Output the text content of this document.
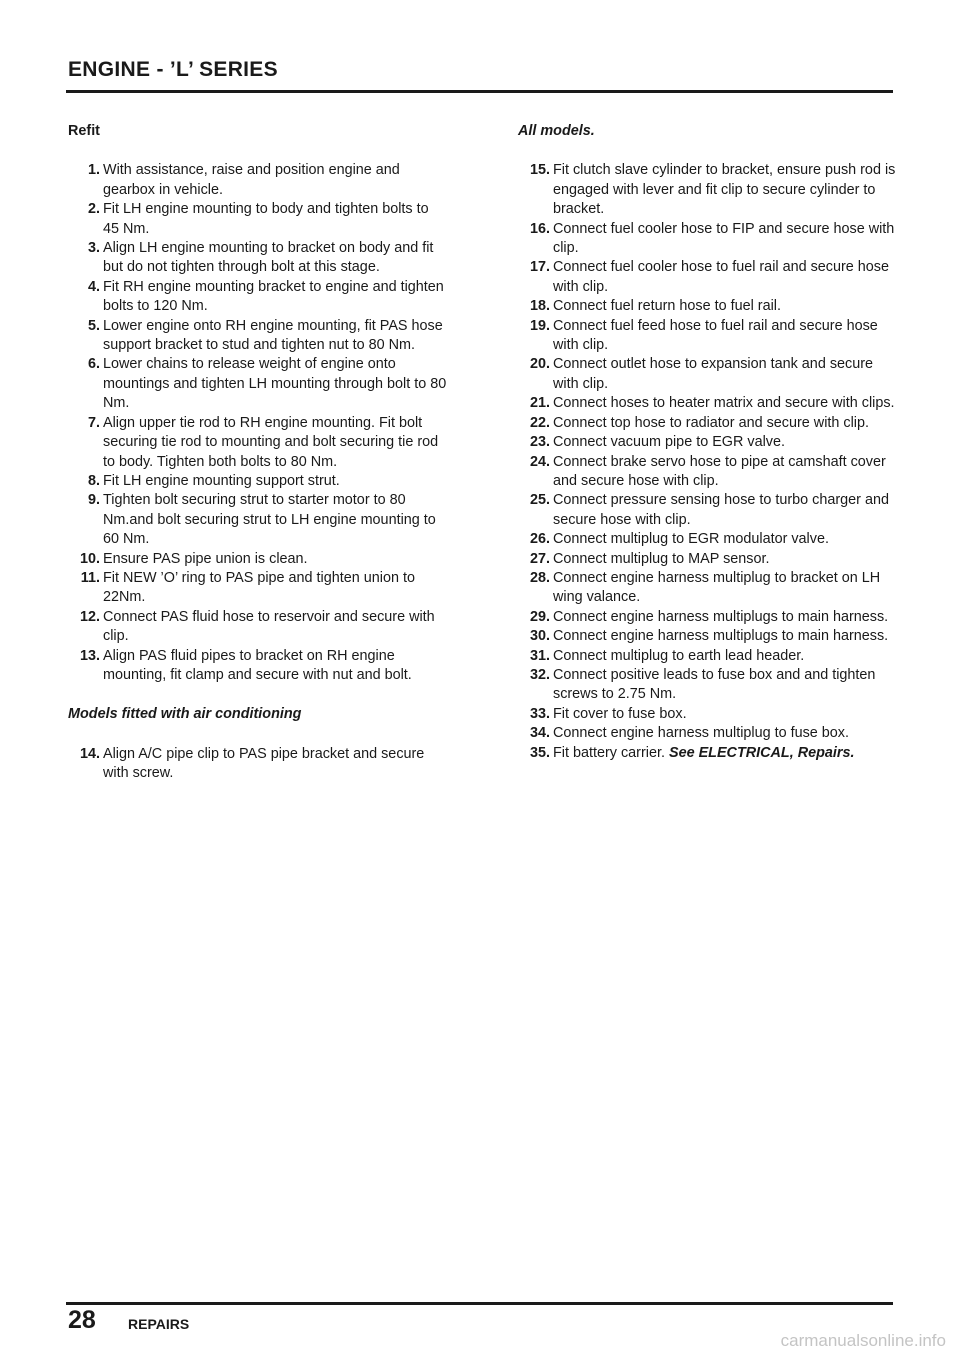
ENGINE - ’L’ SERIES
Refit
1. With assistance, raise and position engine and gearbox in vehicle.
2. Fit LH engine mounting to body and tighten bolts to 45 Nm.
3. Align LH engine mounting to bracket on body and fit but do not tighten through bolt at this stage.
4. Fit RH engine mounting bracket to engine and tighten bolts to 120 Nm.
5. Lower engine onto RH engine mounting, fit PAS hose support bracket to stud and tighten nut to 80 Nm.
6. Lower chains to release weight of engine onto mountings and tighten LH mounting through bolt to 80 Nm.
7. Align upper tie rod to RH engine mounting. Fit bolt securing tie rod to mounting and bolt securing tie rod to body. Tighten both bolts to 80 Nm.
8. Fit LH engine mounting support strut.
9. Tighten bolt securing strut to starter motor to 80 Nm.and bolt securing strut to LH engine mounting to 60 Nm.
10. Ensure PAS pipe union is clean.
11. Fit NEW ’O’ ring to PAS pipe and tighten union to 22Nm.
12. Connect PAS fluid hose to reservoir and secure with clip.
13. Align PAS fluid pipes to bracket on RH engine mounting, fit clamp and secure with nut and bolt.
Models fitted with air conditioning
14. Align A/C pipe clip to PAS pipe bracket and secure with screw.
All models.
15. Fit clutch slave cylinder to bracket, ensure push rod is engaged with lever and fit clip to secure cylinder to bracket.
16. Connect fuel cooler hose to FIP and secure hose with clip.
17. Connect fuel cooler hose to fuel rail and secure hose with clip.
18. Connect fuel return hose to fuel rail.
19. Connect fuel feed hose to fuel rail and secure hose with clip.
20. Connect outlet hose to expansion tank and secure with clip.
21. Connect hoses to heater matrix and secure with clips.
22. Connect top hose to radiator and secure with clip.
23. Connect vacuum pipe to EGR valve.
24. Connect brake servo hose to pipe at camshaft cover and secure hose with clip.
25. Connect pressure sensing hose to turbo charger and secure hose with clip.
26. Connect multiplug to EGR modulator valve.
27. Connect multiplug to MAP sensor.
28. Connect engine harness multiplug to bracket on LH wing valance.
29. Connect engine harness multiplugs to main harness.
30. Connect engine harness multiplugs to main harness.
31. Connect multiplug to earth lead header.
32. Connect positive leads to fuse box and and tighten screws to 2.75 Nm.
33. Fit cover to fuse box.
34. Connect engine harness multiplug to fuse box.
35. Fit battery carrier. See ELECTRICAL, Repairs.
28 REPAIRS
carmanualsonline.info
